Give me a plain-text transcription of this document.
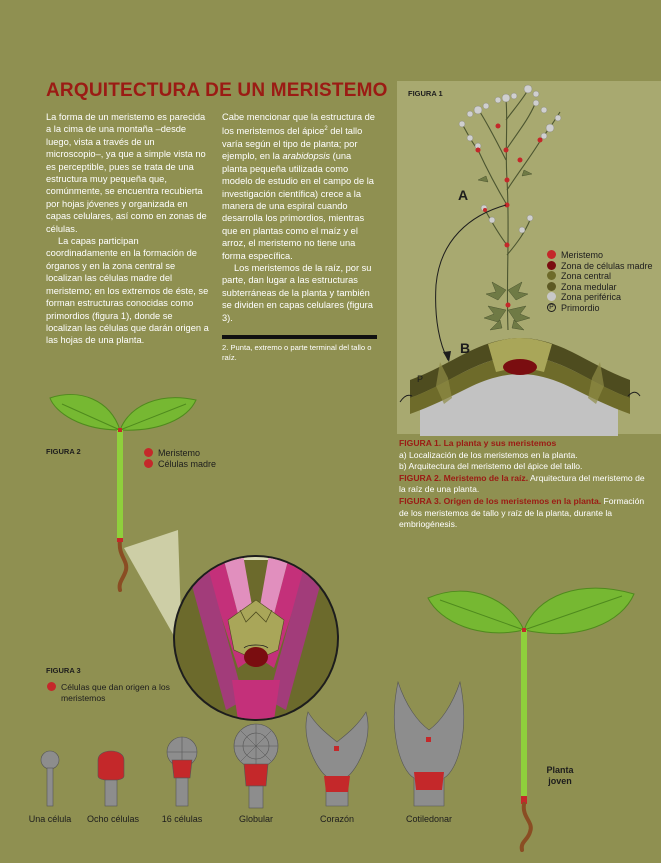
ARQUITECTURA DE UN MERISTEMO

La forma de un meristemo es parecida a la cima de una montaña –desde luego, vista a través de un microscopio–, ya que a simple vista no es perceptible, pues se trata de una estructura muy pequeña que, comúnmente, se encuentra recubierta por hojas jóvenes y organizada en capas celulares, así como en zonas de células.

La capas participan coordinadamente en la formación de órganos y en la zona central se localizan las células madre del meristemo; en los extremos de éste, se forman estructuras conocidas como primordios (figura 1), donde se localizan las células que darán origen a las hojas de una planta.

Cabe mencionar que la estructura de los meristemos del ápice$^2$ del tallo varía según el tipo de planta; por ejemplo, en la arabidopsis (una planta pequeña utilizada como modelo de estudio en el campo de la investigación científica) crece a la manera de una espiral cuando desarrolla los primordios, mientras que en plantas como el maíz y el arroz, el meristemo no tiene una forma específica.

Los meristemos de la raíz, por su parte, dan lugar a las estructuras subterráneas de la planta y también se dividen en capas celulares (figura 3).

2. Punta, extremo o parte terminal del tallo o raíz.
FIGURA 1
A
B
P
Meristemo
Zona de células madre
Zona central
Zona medular
Zona periférica
P Primordio
FIGURA 1. La planta y sus meristemos
a) Localización de los meristemos en la planta.
b) Arquitectura del meristemo del ápice del tallo.
FIGURA 2. Meristemo de la raíz. Arquitectura del meristemo de la raíz de una planta.
FIGURA 3. Origen de los meristemos en la planta. Formación de los meristemos de tallo y raíz de la planta, durante la embriogénesis.
FIGURA 2	Meristemo
Células madre
FIGURA 3
Células que dan origen a los meristemos
Una célula	Ocho células	16 células	Globular	Corazón	Cotiledonar
Planta joven
